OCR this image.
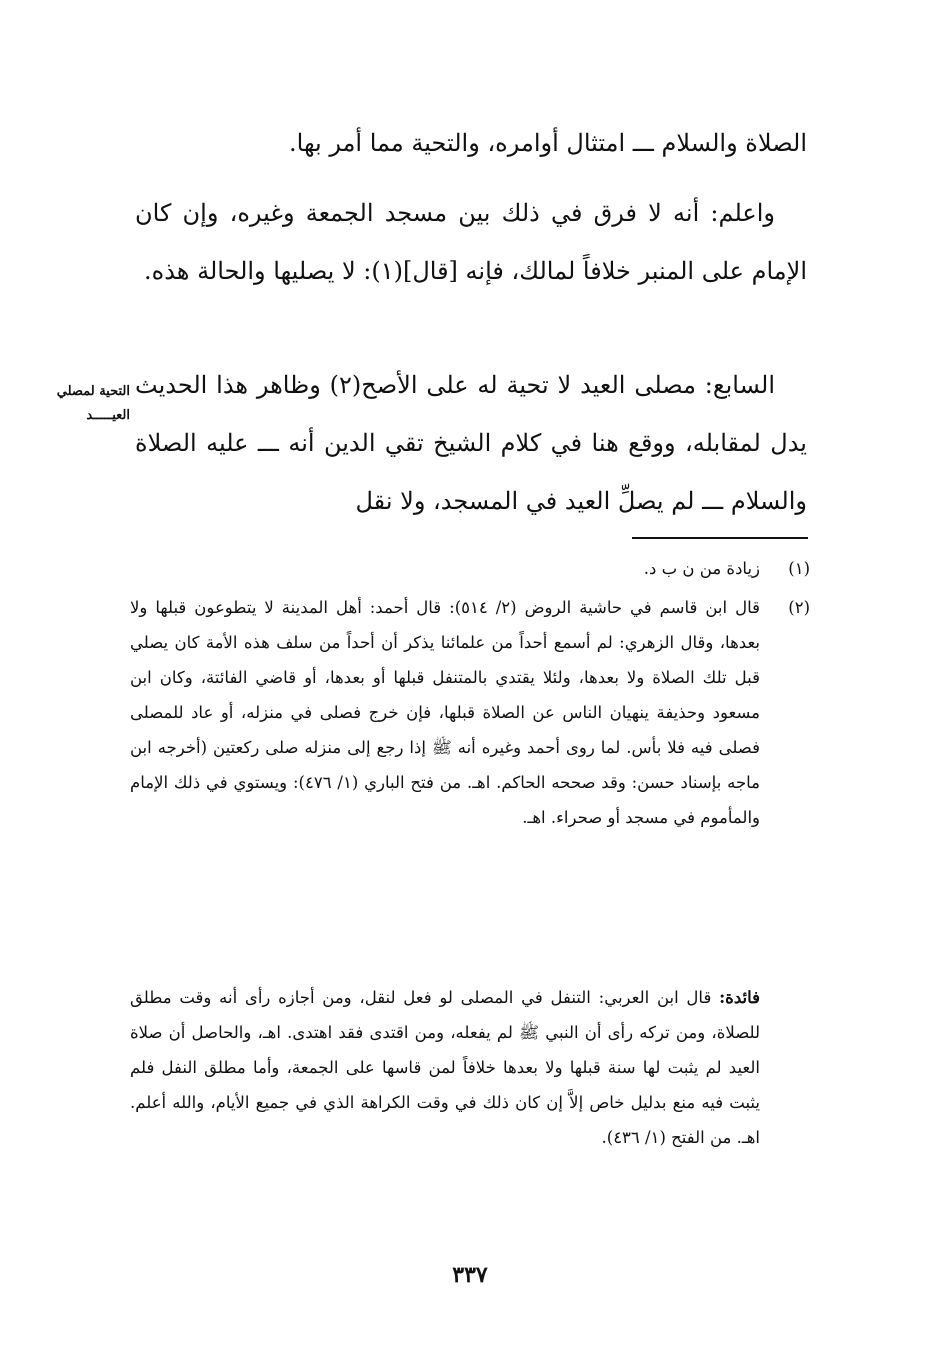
الصلاة والسلام ـــ امتثال أوامره، والتحية مما أمر بها.

واعلم: أنه لا فرق في ذلك بين مسجد الجمعة وغيره، وإن كان الإمام على المنبر خلافاً لمالك، فإنه [قال](١): لا يصليها والحالة هذه.

السابع: مصلى العيد لا تحية له على الأصح(٢) وظاهر هذا الحديث يدل لمقابله، ووقع هنا في كلام الشيخ تقي الدين أنه ـــ عليه الصلاة والسلام ـــ لم يصلِّ العيد في المسجد، ولا نقل

التحية لمصلي العيـــــد
(١)
زيادة من ن ب د.
(٢)
قال ابن قاسم في حاشية الروض (٢/ ٥١٤): قال أحمد: أهل المدينة لا يتطوعون قبلها ولا بعدها، وقال الزهري: لم أسمع أحداً من علمائنا يذكر أن أحداً من سلف هذه الأمة كان يصلي قبل تلك الصلاة ولا بعدها، ولئلا يقتدي بالمتنفل قبلها أو بعدها، أو قاضي الفائتة، وكان ابن مسعود وحذيفة ينهيان الناس عن الصلاة قبلها، فإن خرج فصلى في منزله، أو عاد للمصلى فصلى فيه فلا بأس. لما روى أحمد وغيره أنه ﷺ إذا رجع إلى منزله صلى ركعتين (أخرجه ابن ماجه بإسناد حسن: وقد صححه الحاكم. اهـ. من فتح الباري (١/ ٤٧٦): ويستوي في ذلك الإمام والمأموم في مسجد أو صحراء. اهـ.
فائدة: قال ابن العربي: التنفل في المصلى لو فعل لنقل، ومن أجازه رأى أنه وقت مطلق للصلاة، ومن تركه رأى أن النبي ﷺ لم يفعله، ومن اقتدى فقد اهتدى. اهـ، والحاصل أن صلاة العيد لم يثبت لها سنة قبلها ولا بعدها خلافاً لمن قاسها على الجمعة، وأما مطلق النفل فلم يثبت فيه منع بدليل خاص إلاَّ إن كان ذلك في وقت الكراهة الذي في جميع الأيام، والله أعلم. اهـ. من الفتح (١/ ٤٣٦).
٣٣٧
